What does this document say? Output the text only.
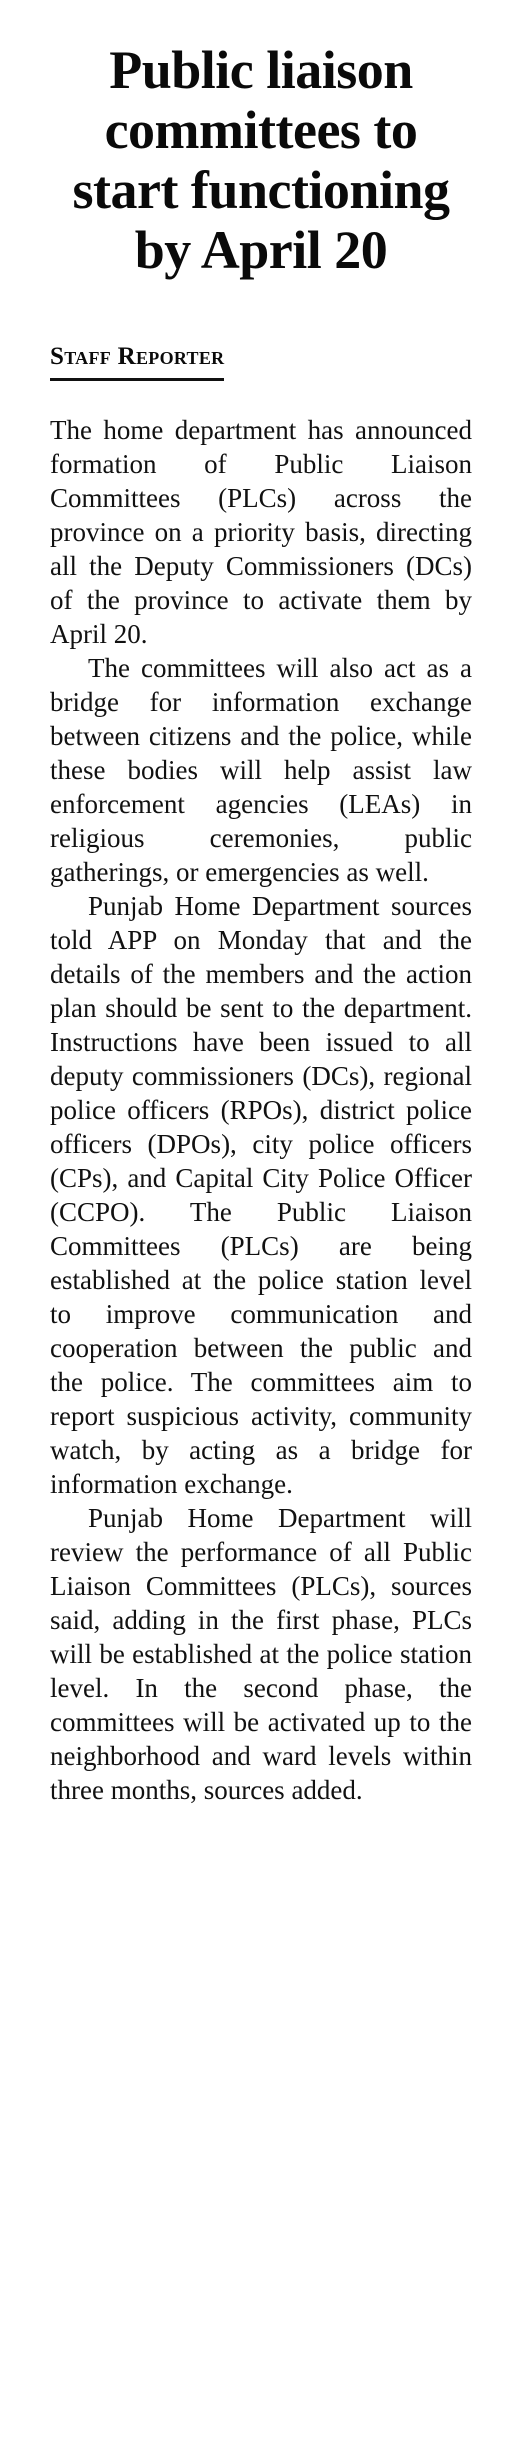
Public liaison
committees to
start functioning
by April 20
Staff Reporter

The home department has announced formation of Public Liaison Committees (PLCs) across the province on a priority basis, directing all the Deputy Commissioners (DCs) of the province to activate them by April 20.

The committees will also act as a bridge for information exchange between citizens and the police, while these bodies will help assist law enforcement agencies (LEAs) in religious ceremonies, public gatherings, or emergencies as well.

Punjab Home Department sources told APP on Monday that and the details of the members and the action plan should be sent to the department. Instructions have been issued to all deputy commissioners (DCs), regional police officers (RPOs), district police officers (DPOs), city police officers (CPs), and Capital City Police Officer (CCPO). The Public Liaison Committees (PLCs) are being established at the police station level to improve communication and cooperation between the public and the police. The committees aim to report suspicious activity, community watch, by acting as a bridge for information exchange.

Punjab Home Department will review the performance of all Public Liaison Committees (PLCs), sources said, adding in the first phase, PLCs will be established at the police station level. In the second phase, the committees will be activated up to the neighborhood and ward levels within three months, sources added.
